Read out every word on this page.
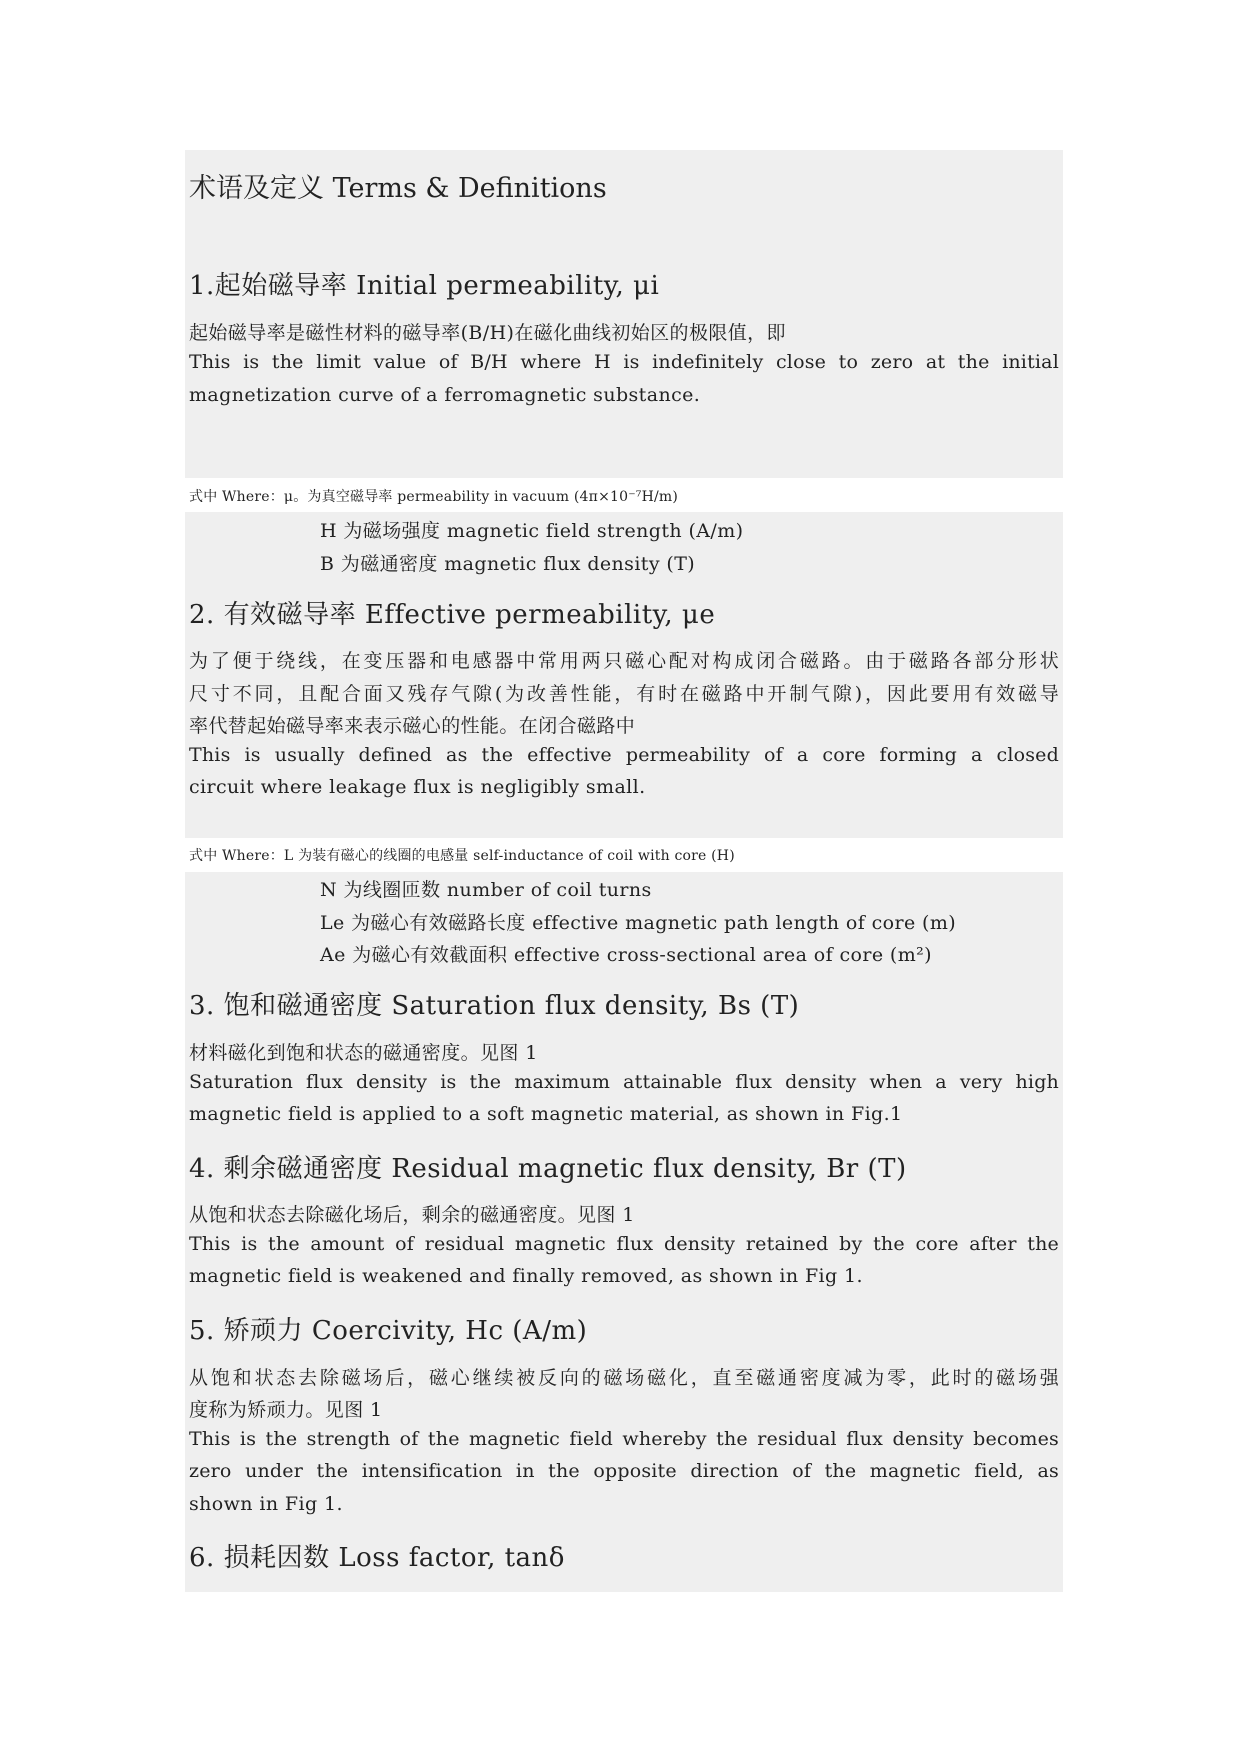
术语及定义 Terms & Definitions
1.起始磁导率 Initial permeability, μi
起始磁导率是磁性材料的磁导率(B/H)在磁化曲线初始区的极限值，即
This is the limit value of B/H where H is indefinitely close to zero at the initial
magnetization curve of a ferromagnetic substance.
式中 Where：μ。为真空磁导率 permeability in vacuum (4π×10⁻⁷H/m)
H 为磁场强度 magnetic field strength (A/m)
B 为磁通密度 magnetic flux density (T)
2. 有效磁导率 Effective permeability, μe
为了便于绕线，在变压器和电感器中常用两只磁心配对构成闭合磁路。由于磁路各部分形状
尺寸不同，且配合面又残存气隙(为改善性能，有时在磁路中开制气隙)，因此要用有效磁导
率代替起始磁导率来表示磁心的性能。在闭合磁路中
This is usually defined as the effective permeability of a core forming a closed
circuit where leakage flux is negligibly small.
式中 Where：L 为装有磁心的线圈的电感量 self-inductance of coil with core (H)
N 为线圈匝数 number of coil turns
Le 为磁心有效磁路长度 effective magnetic path length of core (m)
Ae 为磁心有效截面积 effective cross-sectional area of core (m²)
3. 饱和磁通密度 Saturation flux density, Bs (T)
材料磁化到饱和状态的磁通密度。见图 1
Saturation flux density is the maximum attainable flux density when a very high
magnetic field is applied to a soft magnetic material, as shown in Fig.1
4. 剩余磁通密度 Residual magnetic flux density, Br (T)
从饱和状态去除磁化场后，剩余的磁通密度。见图 1
This is the amount of residual magnetic flux density retained by the core after the
magnetic field is weakened and finally removed, as shown in Fig 1.
5. 矫顽力 Coercivity, Hc (A/m)
从饱和状态去除磁场后，磁心继续被反向的磁场磁化，直至磁通密度减为零，此时的磁场强
度称为矫顽力。见图 1
This is the strength of the magnetic field whereby the residual flux density becomes
zero under the intensification in the opposite direction of the magnetic field, as
shown in Fig 1.
6. 损耗因数 Loss factor, tanδ
